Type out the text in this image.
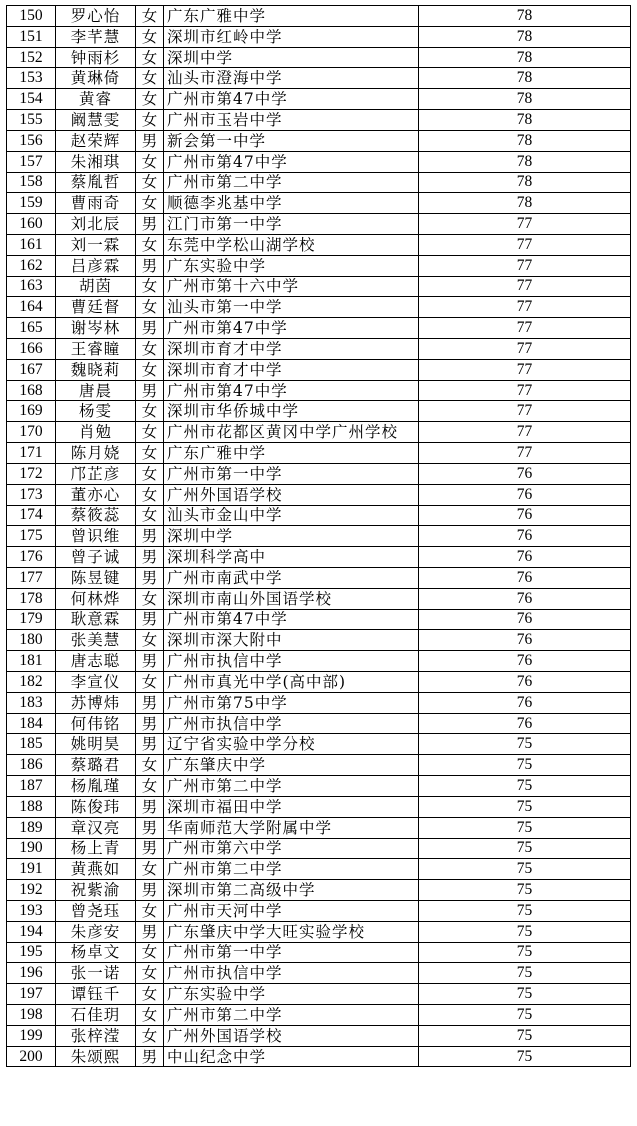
150	罗心怡	女	广东广雅中学	78
151	李芊慧	女	深圳市红岭中学	78
152	钟雨杉	女	深圳中学	78
153	黄琳倚	女	汕头市澄海中学	78
154	黄睿	女	广州市第47中学	78
155	阚慧雯	女	广州市玉岩中学	78
156	赵荣辉	男	新会第一中学	78
157	朱湘琪	女	广州市第47中学	78
158	蔡胤哲	女	广州市第二中学	78
159	曹雨奇	女	顺德李兆基中学	78
160	刘北辰	男	江门市第一中学	77
161	刘一霖	女	东莞中学松山湖学校	77
162	吕彦霖	男	广东实验中学	77
163	胡茵	女	广州市第十六中学	77
164	曹廷督	女	汕头市第一中学	77
165	谢岑林	男	广州市第47中学	77
166	王睿瞳	女	深圳市育才中学	77
167	魏晓莉	女	深圳市育才中学	77
168	唐晨	男	广州市第47中学	77
169	杨雯	女	深圳市华侨城中学	77
170	肖勉	女	广州市花都区黄冈中学广州学校	77
171	陈月娆	女	广东广雅中学	77
172	邝芷彦	女	广州市第一中学	76
173	董亦心	女	广州外国语学校	76
174	蔡筱蕊	女	汕头市金山中学	76
175	曾识维	男	深圳中学	76
176	曾子诚	男	深圳科学高中	76
177	陈昱键	男	广州市南武中学	76
178	何林烨	女	深圳市南山外国语学校	76
179	耿意霖	男	广州市第47中学	76
180	张美慧	女	深圳市深大附中	76
181	唐志聪	男	广州市执信中学	76
182	李宣仪	女	广州市真光中学(高中部)	76
183	苏博炜	男	广州市第75中学	76
184	何伟铭	男	广州市执信中学	76
185	姚明昊	男	辽宁省实验中学分校	75
186	蔡璐君	女	广东肇庆中学	75
187	杨胤瑾	女	广州市第二中学	75
188	陈俊玮	男	深圳市福田中学	75
189	章汉亮	男	华南师范大学附属中学	75
190	杨上青	男	广州市第六中学	75
191	黄燕如	女	广州市第二中学	75
192	祝紫渝	男	深圳市第二高级中学	75
193	曾尧珏	女	广州市天河中学	75
194	朱彦安	男	广东肇庆中学大旺实验学校	75
195	杨卓文	女	广州市第一中学	75
196	张一诺	女	广州市执信中学	75
197	谭钰千	女	广东实验中学	75
198	石佳玥	女	广州市第二中学	75
199	张梓滢	女	广州外国语学校	75
200	朱颂熙	男	中山纪念中学	75
